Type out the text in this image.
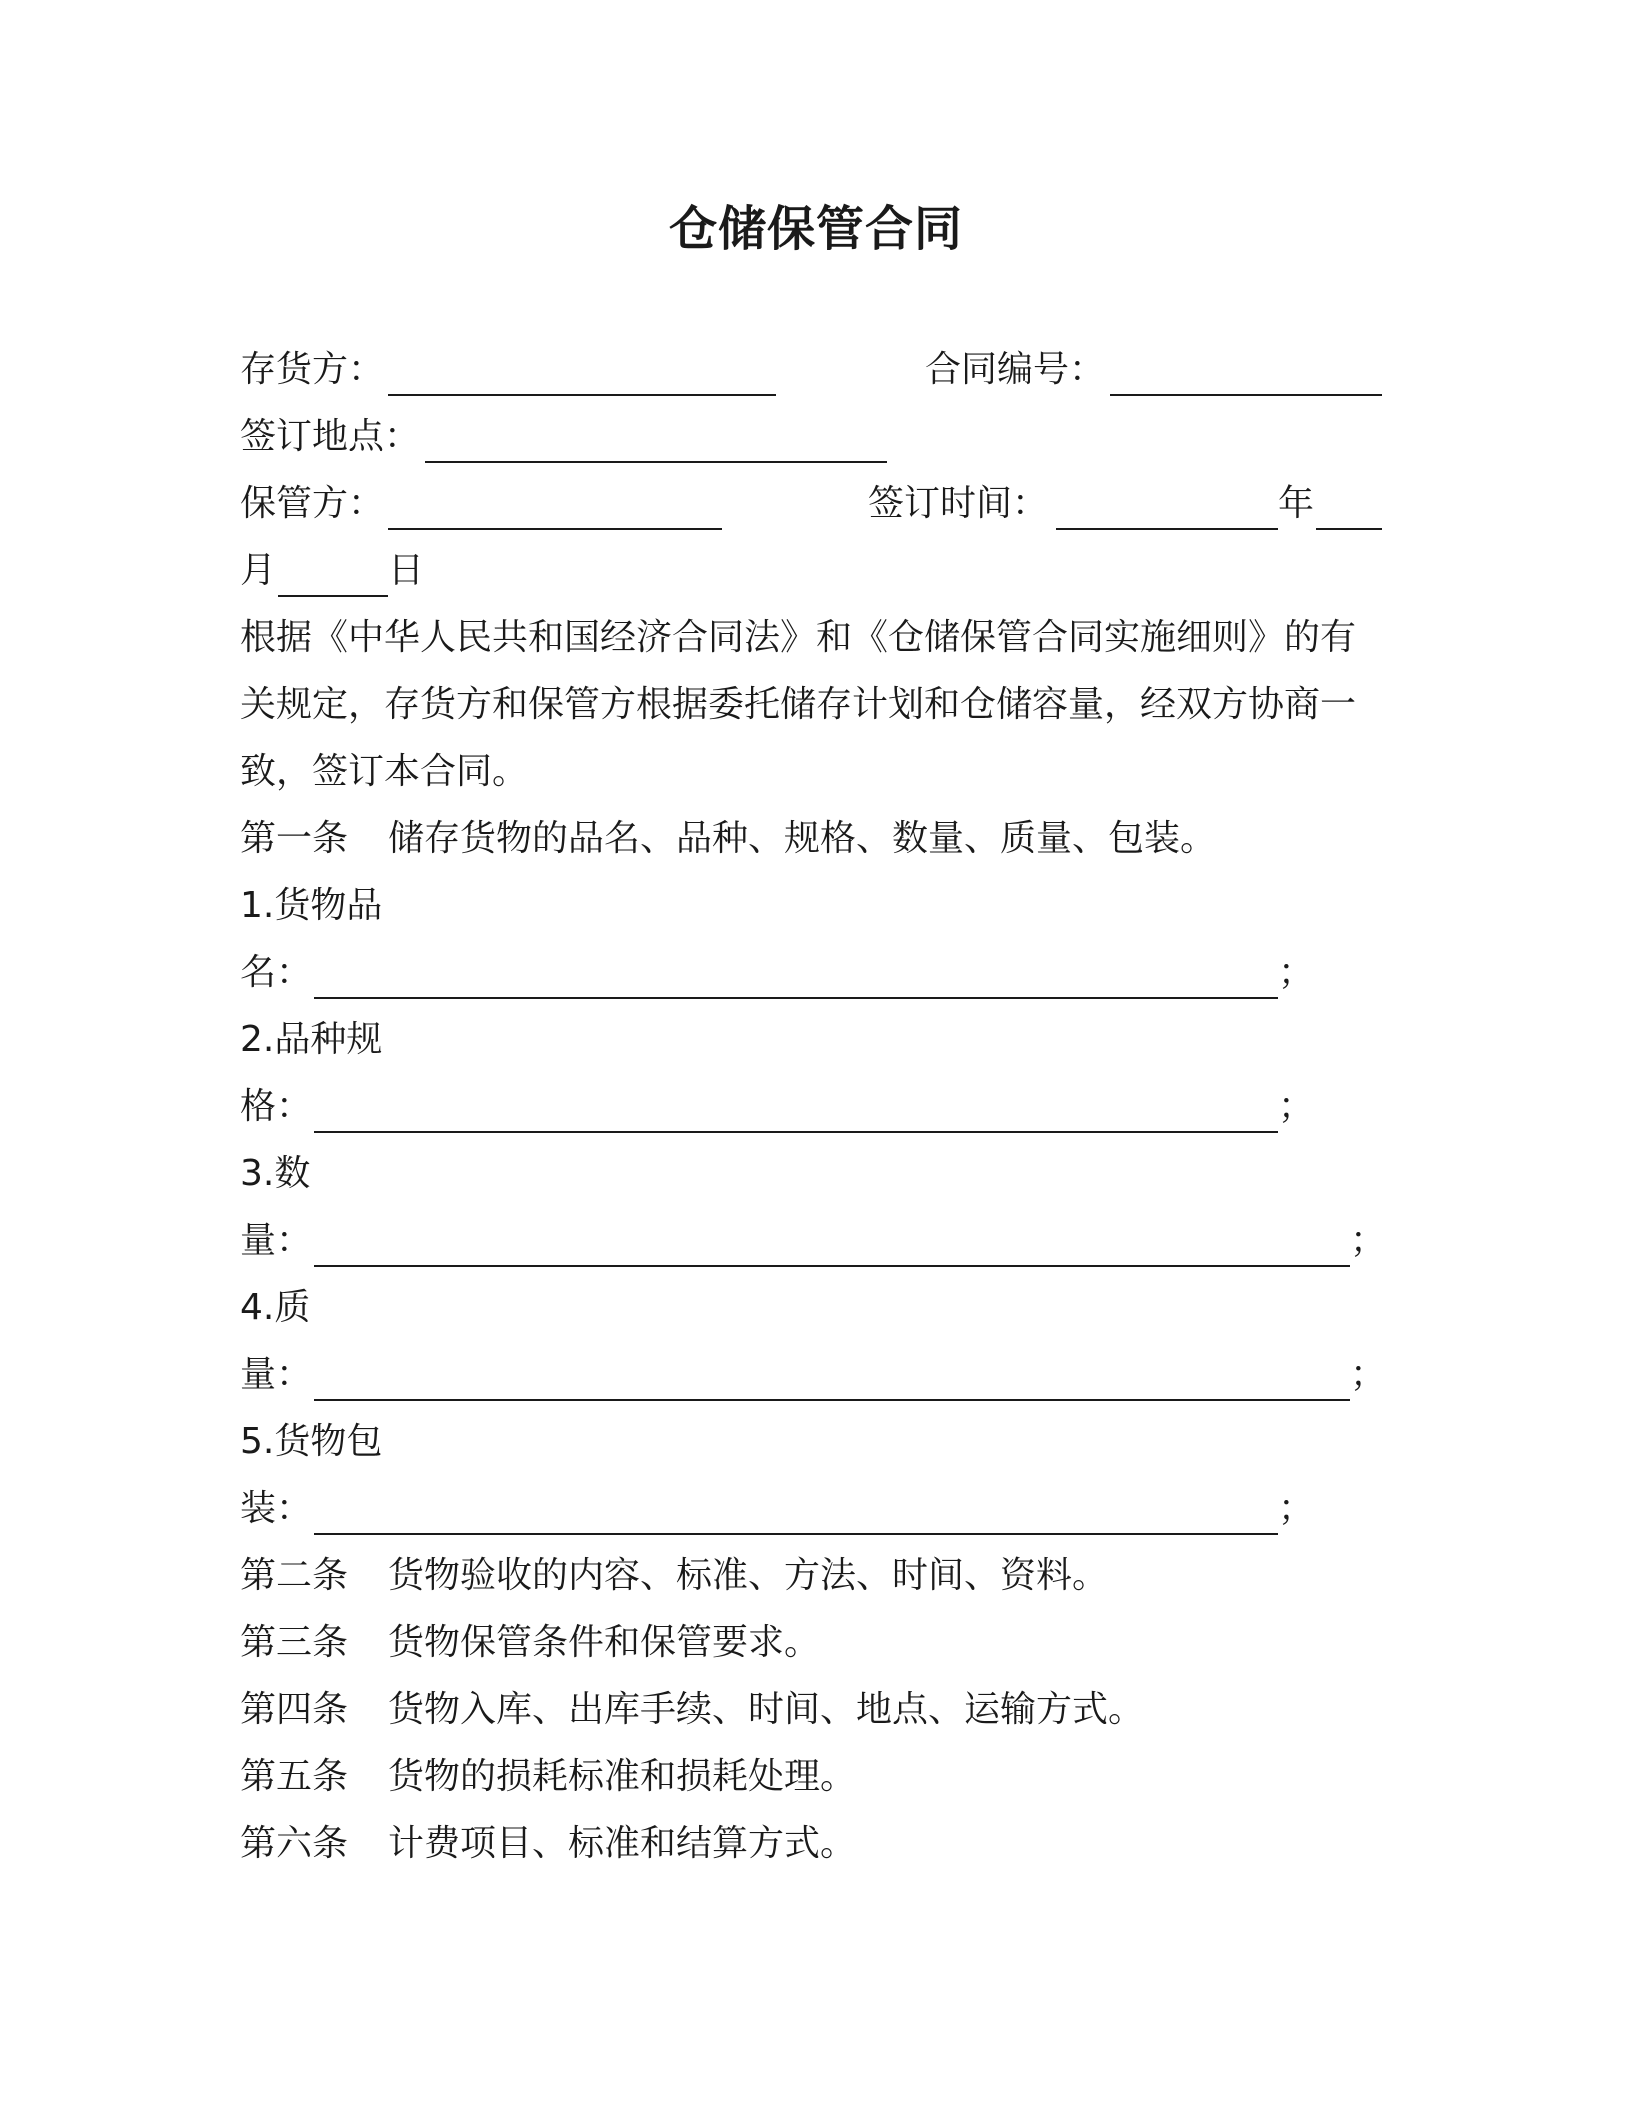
仓储保管合同
存货方：	合同编号：
签订地点：
保管方：	签订时间：	年
月	日
根据《中华人民共和国经济合同法》和《仓储保管合同实施细则》的有
关规定，存货方和保管方根据委托储存计划和仓储容量，经双方协商一
致，签订本合同。
第一条 储存货物的品名、品种、规格、数量、质量、包装。
1.货物品
名：	；
2.品种规
格：	；
3.数
量：	；
4.质
量：	；
5.货物包
装：	；
第二条 货物验收的内容、标准、方法、时间、资料。
第三条 货物保管条件和保管要求。
第四条 货物入库、出库手续、时间、地点、运输方式。
第五条 货物的损耗标准和损耗处理。
第六条 计费项目、标准和结算方式。
